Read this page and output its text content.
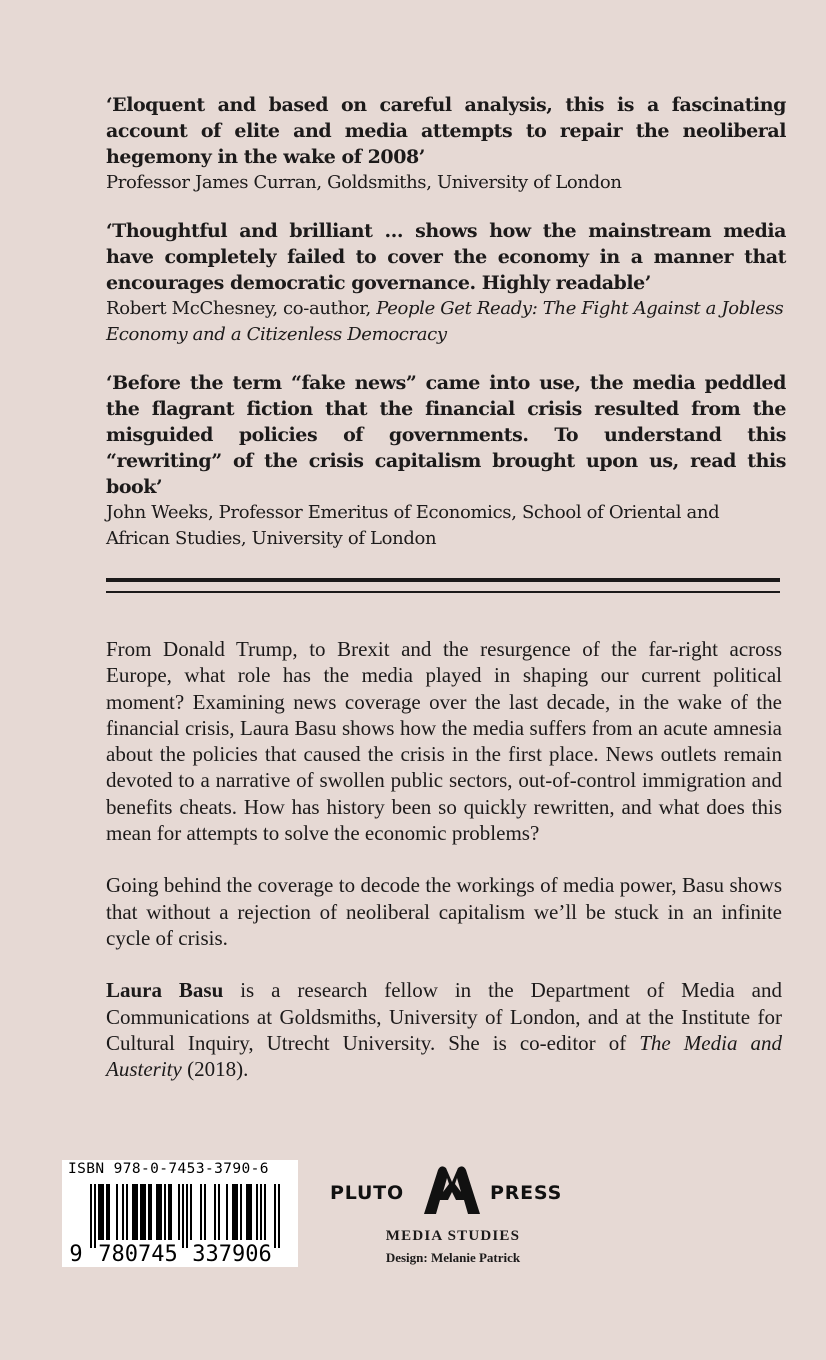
‘Eloquent and based on careful analysis, this is a fascinating account of elite and media attempts to repair the neoliberal hegemony in the wake of 2008’

Professor James Curran, Goldsmiths, University of London

‘Thoughtful and brilliant … shows how the mainstream media have completely failed to cover the economy in a manner that encourages democratic governance. Highly readable’

Robert McChesney, co-author, People Get Ready: The Fight Against a Jobless Economy and a Citizenless Democracy

‘Before the term “fake news” came into use, the media peddled the flagrant fiction that the financial crisis resulted from the misguided policies of governments. To understand this “rewriting” of the crisis capitalism brought upon us, read this book’

John Weeks, Professor Emeritus of Economics, School of Oriental and African Studies, University of London

From Donald Trump, to Brexit and the resurgence of the far-right across Europe, what role has the media played in shaping our current political moment? Examining news coverage over the last decade, in the wake of the financial crisis, Laura Basu shows how the media suffers from an acute amnesia about the policies that caused the crisis in the first place. News outlets remain devoted to a narrative of swollen public sectors, out-of-control immigration and benefits cheats. How has history been so quickly rewritten, and what does this mean for attempts to solve the economic problems?

Going behind the coverage to decode the workings of media power, Basu shows that without a rejection of neoliberal capitalism we’ll be stuck in an infinite cycle of crisis.

Laura Basu is a research fellow in the Department of Media and Communications at Goldsmiths, University of London, and at the Institute for Cultural Inquiry, Utrecht University. She is co-editor of The Media and Austerity (2018).

9 780745 337906
ISBN 978-0-7453-3790-6
PLUTO	PRESS
MEDIA STUDIES
Design: Melanie Patrick
